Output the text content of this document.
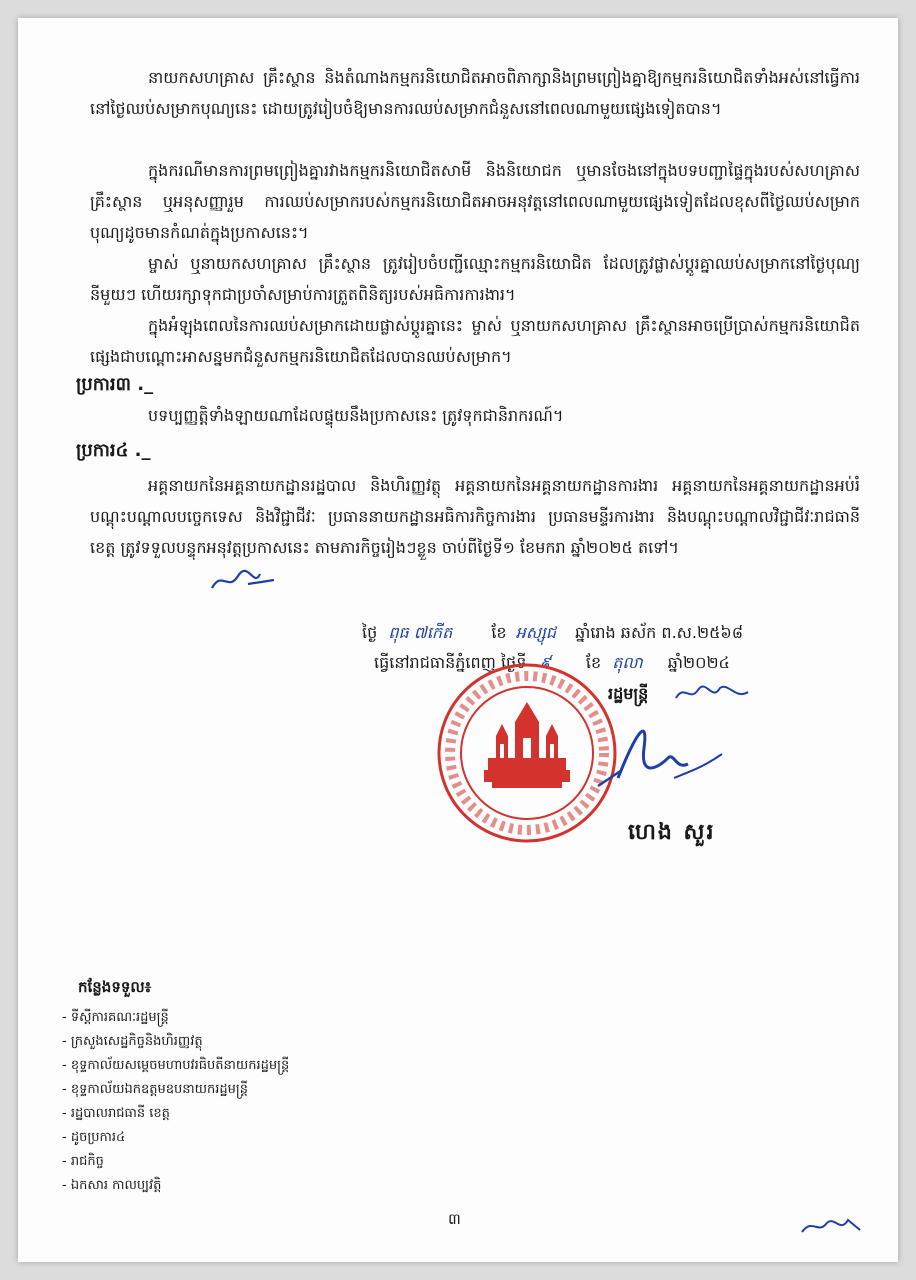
នាយកសហគ្រាស គ្រឹះស្ថាន និងតំណាងកម្មករនិយោជិតអាចពិភាក្សានិងព្រមព្រៀងគ្នាឱ្យកម្មករនិយោជិតទាំងអស់នៅធ្វើការនៅថ្ងៃឈប់សម្រាកបុណ្យនេះ ដោយត្រូវរៀបចំឱ្យមានការឈប់សម្រាកជំនួសនៅពេលណាមួយផ្សេងទៀតបាន។

ក្នុងករណីមានការព្រមព្រៀងគ្នារវាងកម្មករនិយោជិតសាមី និងនិយោជក ឬមានចែងនៅក្នុងបទបញ្ជាផ្ទៃក្នុងរបស់សហគ្រាស គ្រឹះស្ថាន ឬអនុសញ្ញារួម ការឈប់សម្រាករបស់កម្មករនិយោជិតអាចអនុវត្តនៅពេលណាមួយផ្សេងទៀតដែលខុសពីថ្ងៃឈប់សម្រាកបុណ្យដូចមានកំណត់ក្នុងប្រកាសនេះ។

ម្ចាស់ ឬនាយកសហគ្រាស គ្រឹះស្ថាន ត្រូវរៀបចំបញ្ជីឈ្មោះកម្មករនិយោជិត ដែលត្រូវផ្លាស់ប្តូរគ្នាឈប់សម្រាកនៅថ្ងៃបុណ្យនីមួយៗ ហើយរក្សាទុកជាប្រចាំសម្រាប់ការត្រួតពិនិត្យរបស់អធិការការងារ។

ក្នុងអំឡុងពេលនៃការឈប់សម្រាកដោយផ្លាស់ប្តូរគ្នានេះ ម្ចាស់ ឬនាយកសហគ្រាស គ្រឹះស្ថានអាចប្រើប្រាស់កម្មករនិយោជិតផ្សេងជាបណ្តោះអាសន្នមកជំនួសកម្មករនិយោជិតដែលបានឈប់សម្រាក។

ប្រការ៣ ._

បទប្បញ្ញត្តិទាំងឡាយណាដែលផ្ទុយនឹងប្រកាសនេះ ត្រូវទុកជានិរាករណ៍។

ប្រការ៤ ._

អគ្គនាយកនៃអគ្គនាយកដ្ឋានរដ្ឋបាល និងហិរញ្ញវត្ថុ អគ្គនាយកនៃអគ្គនាយកដ្ឋានការងារ អគ្គនាយកនៃអគ្គនាយកដ្ឋានអប់រំបណ្តុះបណ្តាលបច្ចេកទេស និងវិជ្ជាជីវៈ ប្រធាននាយកដ្ឋានអធិការកិច្ចការងារ ប្រធានមន្ទីរការងារ និងបណ្តុះបណ្តាលវិជ្ជាជីវៈរាជធានី ខេត្ត ត្រូវទទួលបន្ទុកអនុវត្តប្រកាសនេះ តាមភារកិច្ចរៀងៗខ្លួន ចាប់ពីថ្ងៃទី១ ខែមករា ឆ្នាំ២០២៥ តទៅ។

ថ្ងៃ ពុធ ៧កើត ខែ អស្សុជ ឆ្នាំរោង ឆស័ក ព.ស.២៥៦៨
ធ្វើនៅរាជធានីភ្នំពេញ ថ្ងៃទី ៩ ខែ តុលា ឆ្នាំ២០២៤
រដ្ឋមន្ត្រី
ហេង សួរ
កន្លែងទទួល៖
- ទីស្តីការគណៈរដ្ឋមន្ត្រី
- ក្រសួងសេដ្ឋកិច្ចនិងហិរញ្ញវត្ថុ
- ខុទ្ទកាល័យសម្តេចមហាបវរធិបតីនាយករដ្ឋមន្ត្រី
- ខុទ្ទកាល័យឯកឧត្តមឧបនាយករដ្ឋមន្ត្រី
- រដ្ឋបាលរាជធានី ខេត្ត
- ដូចប្រការ៤
- រាជកិច្ច
- ឯកសារ កាលប្បវត្តិ
៣
